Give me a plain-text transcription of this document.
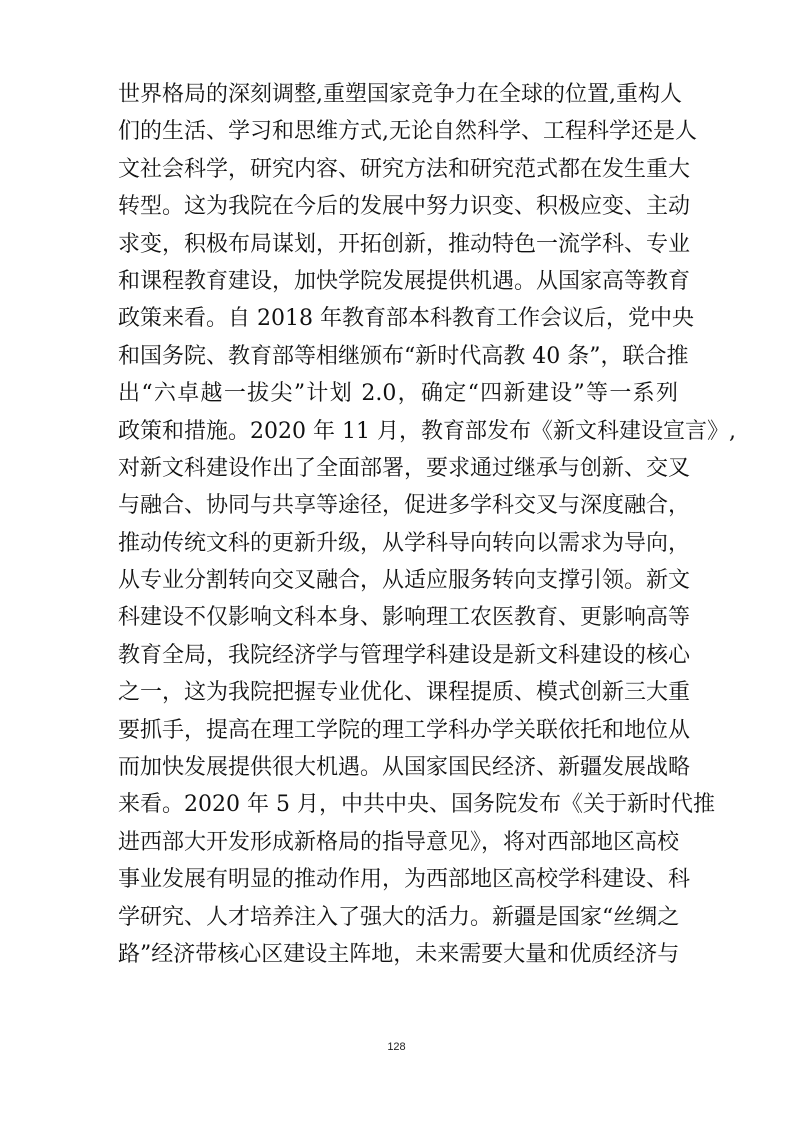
世界格局的深刻调整,重塑国家竞争力在全球的位置,重构人
们的生活、学习和思维方式,无论自然科学、工程科学还是人
文社会科学，研究内容、研究方法和研究范式都在发生重大
转型。这为我院在今后的发展中努力识变、积极应变、主动
求变，积极布局谋划，开拓创新，推动特色一流学科、专业
和课程教育建设，加快学院发展提供机遇。从国家高等教育
政策来看。自 2018 年教育部本科教育工作会议后，党中央
和国务院、教育部等相继颁布“新时代高教 40 条”，联合推
出“六卓越一拔尖”计划 2.0，确定“四新建设”等一系列
政策和措施。2020 年 11 月，教育部发布《新文科建设宣言》,
对新文科建设作出了全面部署，要求通过继承与创新、交叉
与融合、协同与共享等途径，促进多学科交叉与深度融合，
推动传统文科的更新升级，从学科导向转向以需求为导向，
从专业分割转向交叉融合，从适应服务转向支撑引领。新文
科建设不仅影响文科本身、影响理工农医教育、更影响高等
教育全局，我院经济学与管理学科建设是新文科建设的核心
之一，这为我院把握专业优化、课程提质、模式创新三大重
要抓手，提高在理工学院的理工学科办学关联依托和地位从
而加快发展提供很大机遇。从国家国民经济、新疆发展战略
来看。2020 年 5 月，中共中央、国务院发布《关于新时代推
进西部大开发形成新格局的指导意见》，将对西部地区高校
事业发展有明显的推动作用，为西部地区高校学科建设、科
学研究、人才培养注入了强大的活力。新疆是国家“丝绸之
路”经济带核心区建设主阵地，未来需要大量和优质经济与
128
